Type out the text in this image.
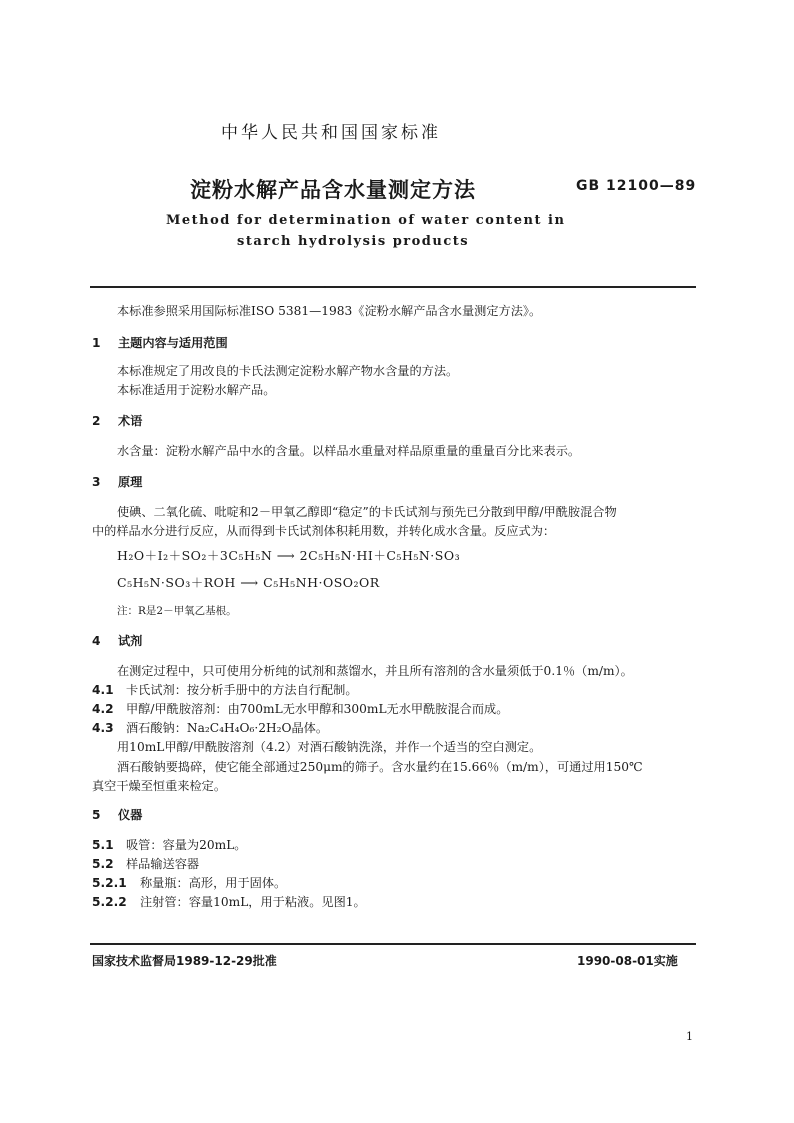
中华人民共和国国家标准
淀粉水解产品含水量测定方法	GB 12100—89
Method for determination of water content in
starch hydrolysis products
本标准参照采用国际标准ISO 5381—1983《淀粉水解产品含水量测定方法》。
1 主题内容与适用范围
本标准规定了用改良的卡氏法测定淀粉水解产物水含量的方法。
本标准适用于淀粉水解产品。
2 术语
水含量：淀粉水解产品中水的含量。以样品水重量对样品原重量的重量百分比来表示。
3 原理
使碘、二氧化硫、吡啶和2－甲氧乙醇即“稳定”的卡氏试剂与预先已分散到甲醇/甲酰胺混合物
中的样品水分进行反应，从而得到卡氏试剂体积耗用数，并转化成水含量。反应式为：
H₂O＋I₂＋SO₂＋3C₅H₅N ⟶ 2C₅H₅N·HI＋C₅H₅N·SO₃
C₅H₅N·SO₃＋ROH ⟶ C₅H₅NH·OSO₂OR
注：R是2－甲氧乙基根。
4 试剂
在测定过程中，只可使用分析纯的试剂和蒸馏水，并且所有溶剂的含水量须低于0.1％（m/m）。
4.1 卡氏试剂：按分析手册中的方法自行配制。
4.2 甲醇/甲酰胺溶剂：由700mL无水甲醇和300mL无水甲酰胺混合而成。
4.3 酒石酸钠：Na₂C₄H₄O₆·2H₂O晶体。
用10mL甲醇/甲酰胺溶剂（4.2）对酒石酸钠洗涤，并作一个适当的空白测定。
酒石酸钠要捣碎，使它能全部通过250μm的筛子。含水量约在15.66％（m/m），可通过用150℃
真空干燥至恒重来检定。
5 仪器
5.1 吸管：容量为20mL。
5.2 样品输送容器
5.2.1 称量瓶：高形，用于固体。
5.2.2 注射管：容量10mL，用于粘液。见图1。
国家技术监督局1989-12-29批准	1990-08-01实施
1
